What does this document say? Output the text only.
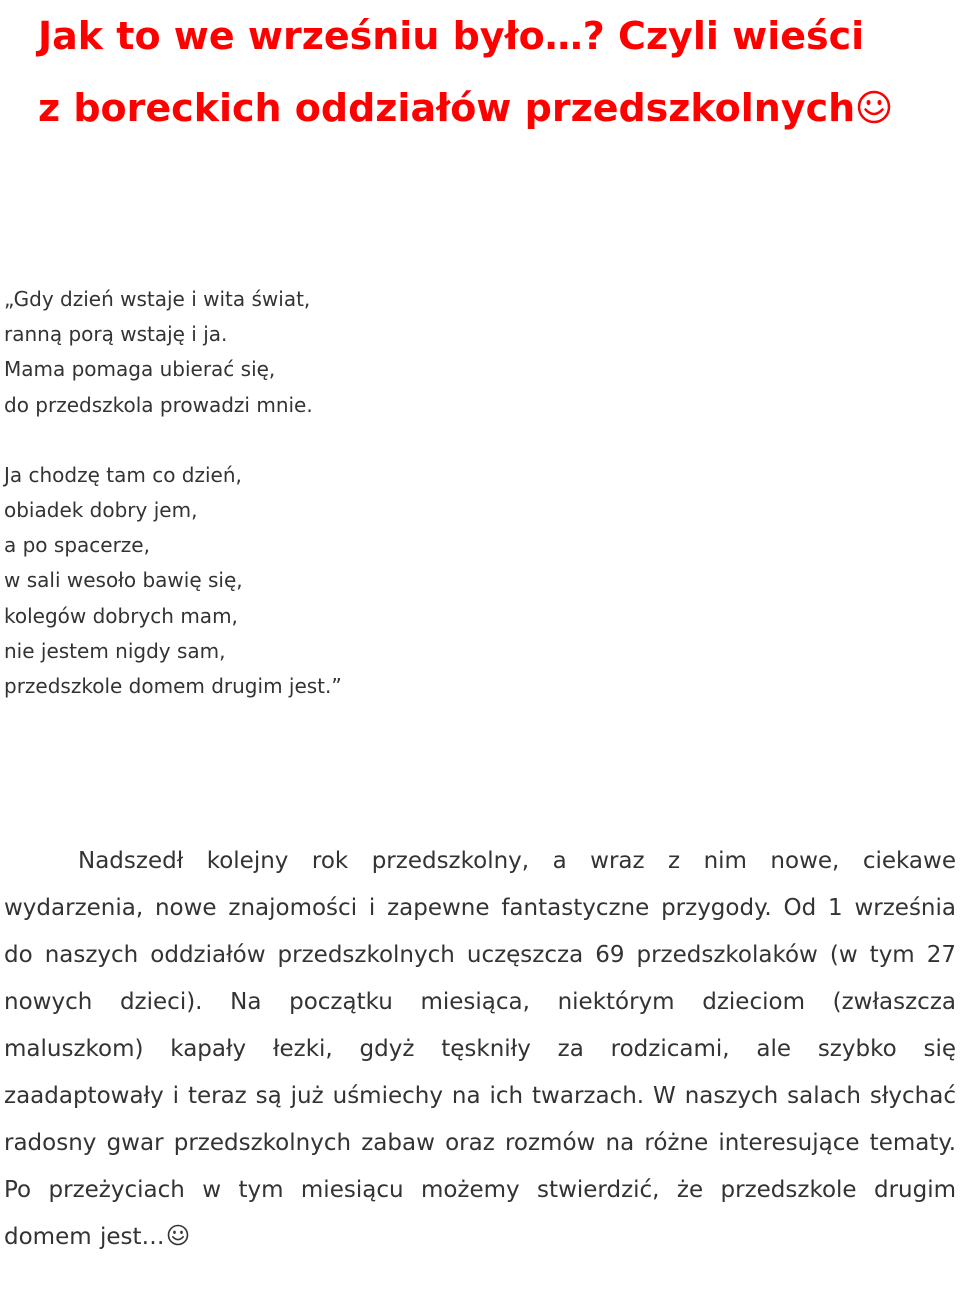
Jak to we wrześniu było…? Czyli wieści
z boreckich oddziałów przedszkolnych
„Gdy dzień wstaje i wita świat,
ranną porą wstaję i ja.
Mama pomaga ubierać się,
do przedszkola prowadzi mnie.
Ja chodzę tam co dzień,
obiadek dobry jem,
a po spacerze,
w sali wesoło bawię się,
kolegów dobrych mam,
nie jestem nigdy sam,
przedszkole domem drugim jest.”

Nadszedł kolejny rok przedszkolny, a wraz z nim nowe, ciekawe wydarzenia, nowe znajomości i zapewne fantastyczne przygody. Od 1 września do naszych oddziałów przedszkolnych uczęszcza 69 przedszkolaków (w tym 27 nowych dzieci). Na początku miesiąca, niektórym dzieciom (zwłaszcza maluszkom) kapały łezki, gdyż tęskniły za rodzicami, ale szybko się zaadaptowały i teraz są już uśmiechy na ich twarzach. W naszych salach słychać radosny gwar przedszkolnych zabaw oraz rozmów na różne interesujące tematy. Po przeżyciach w tym miesiącu możemy stwierdzić, że przedszkole drugim domem jest…
